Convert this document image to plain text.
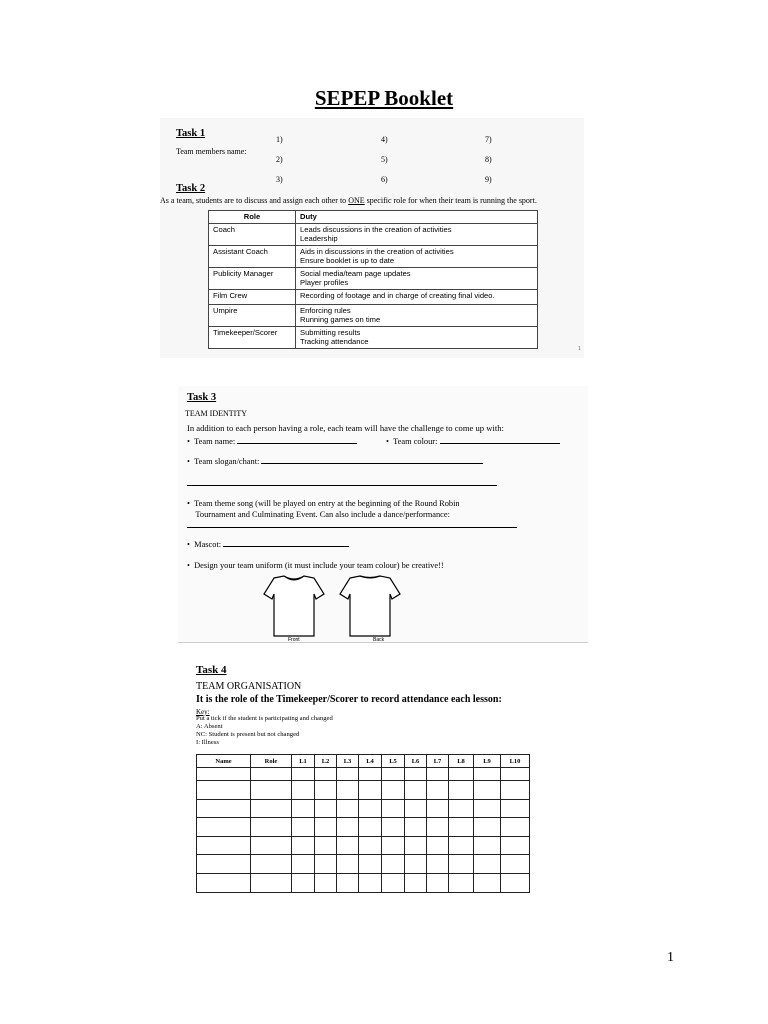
SEPEP Booklet
Task 1
Team members name:
1)
2)
3)
4)
5)
6)
7)
8)
9)
Task 2
As a team, students are to discuss and assign each other to ONE specific role for when their team is running the sport.
Role	Duty
Coach	Leads discussions in the creation of activities
Leadership

Assistant Coach	Aids in discussions in the creation of activities
Ensure booklet is up to date

Publicity Manager	Social media/team page updates
Player profiles

Film Crew	Recording of footage and in charge of creating final video.

Umpire	Enforcing rules
Running games on time

Timekeeper/Scorer	Submitting results
Tracking attendance
1
Task 3
TEAM IDENTITY
In addition to each person having a role, each team will have the challenge to come up with:
• Team name:	• Team colour:
• Team slogan/chant:
• Team theme song (will be played on entry at the beginning of the Round Robin
Tournament and Culminating Event. Can also include a dance/performance:
• Mascot:
• Design your team uniform (it must include your team colour) be creative!!
Front	Back
Task 4
TEAM ORGANISATION
It is the role of the Timekeeper/Scorer to record attendance each lesson:
Key:
Put a tick if the student is participating and changed
A: Absent
NC: Student is present but not changed
I: Illness
Name	Role	L1	L2	L3	L4	L5	L6	L7	L8	L9	L10

1
